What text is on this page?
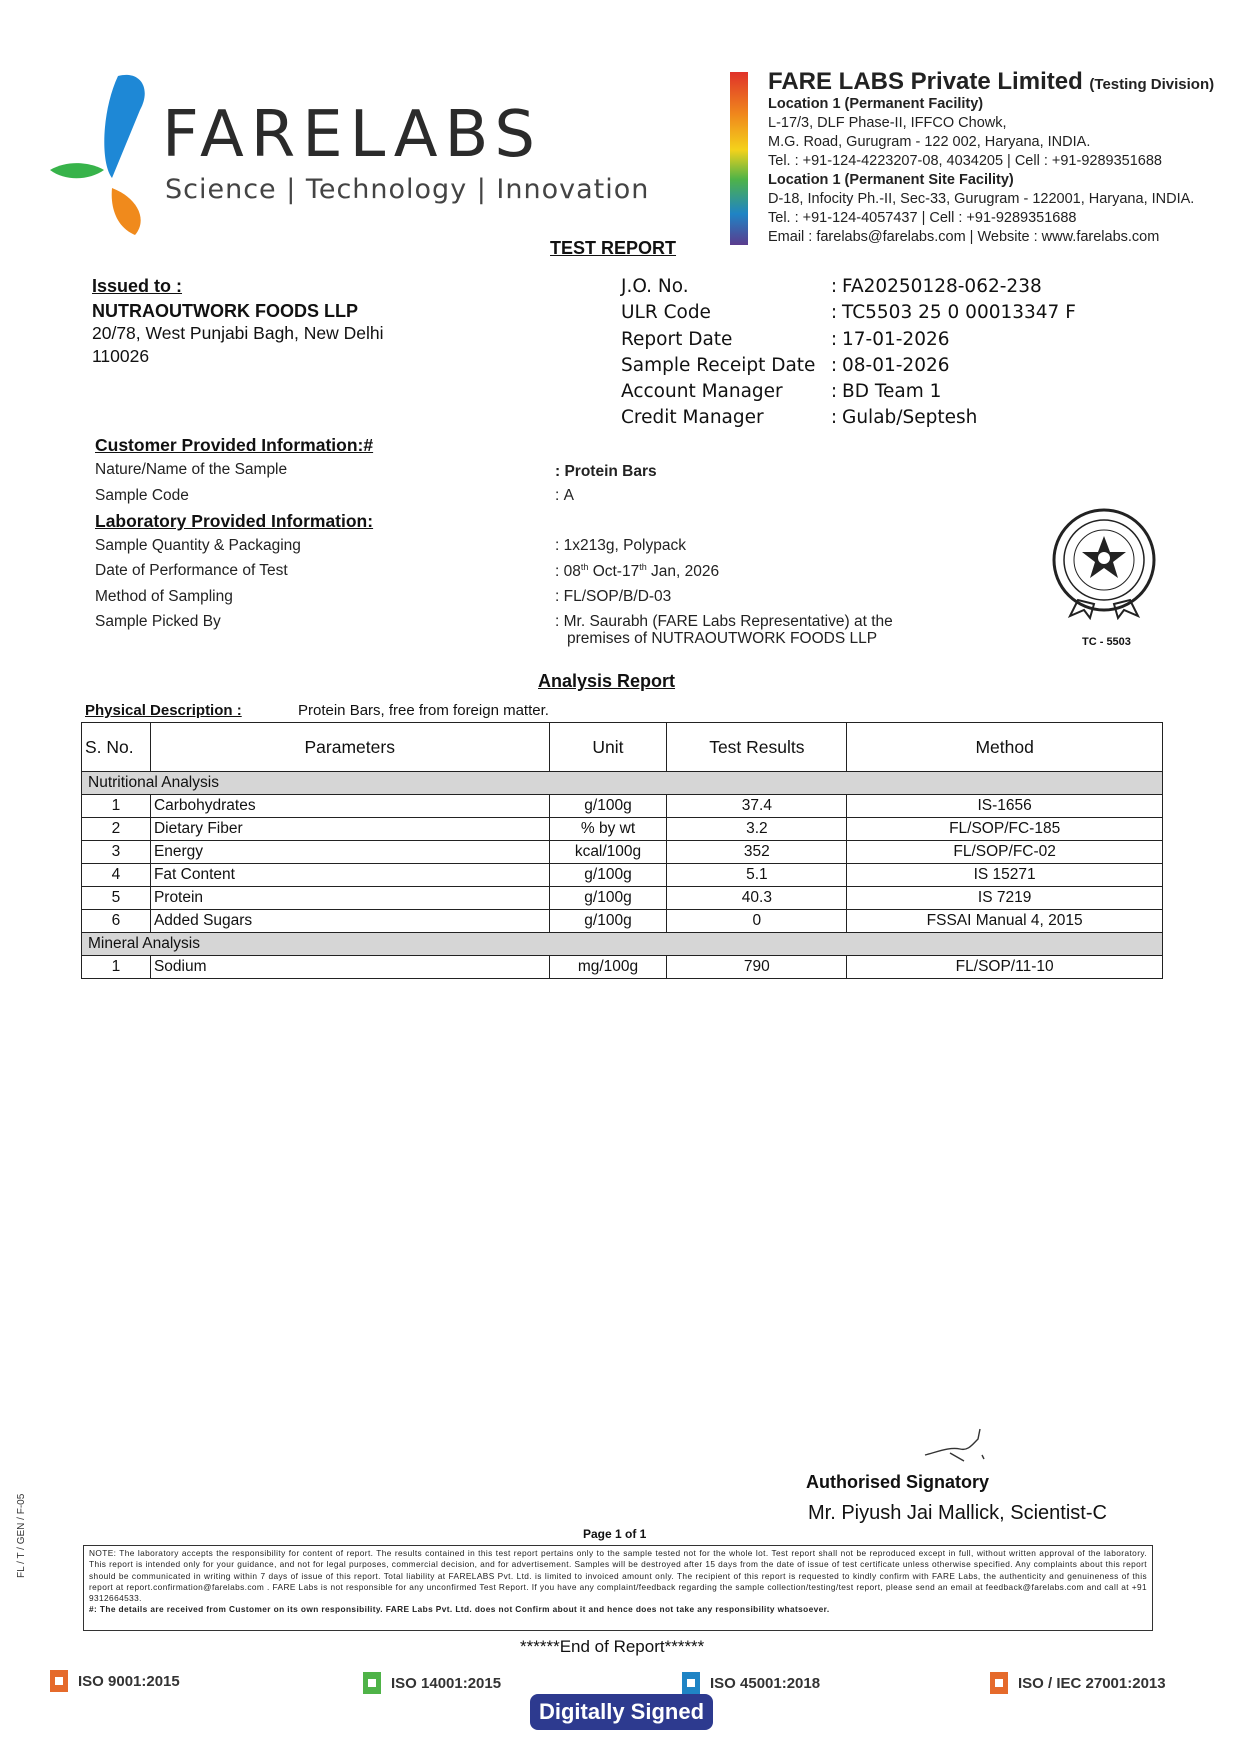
FARELABS
Science | Technology | Innovation
FARE LABS Private Limited (Testing Division)
Location 1 (Permanent Facility)
L-17/3, DLF Phase-II, IFFCO Chowk,
M.G. Road, Gurugram - 122 002, Haryana, INDIA.
Tel. : +91-124-4223207-08, 4034205 | Cell : +91-9289351688
Location 1 (Permanent Site Facility)
D-18, Infocity Ph.-II, Sec-33, Gurugram - 122001, Haryana, INDIA.
Tel. : +91-124-4057437 | Cell : +91-9289351688
Email : farelabs@farelabs.com | Website : www.farelabs.com
TEST REPORT
Issued to :
NUTRAOUTWORK FOODS LLP
20/78, West Punjabi Bagh, New Delhi 110026
J.O. No.	: FA20250128-062-238
ULR Code	: TC5503 25 0 00013347 F
Report Date	: 17-01-2026
Sample Receipt Date : 08-01-2026
Account Manager	: BD Team 1
Credit Manager	: Gulab/Septesh
Customer Provided Information:#
Nature/Name of the Sample	: Protein Bars
Sample Code	: A
Laboratory Provided Information:
Sample Quantity & Packaging	: 1x213g, Polypack
Date of Performance of Test	: 08th Oct-17th Jan, 2026
Method of Sampling	: FL/SOP/B/D-03
Sample Picked By	: Mr. Saurabh (FARE Labs Representative) at the
premises of NUTRAOUTWORK FOODS LLP	TC - 5503
Analysis Report
Physical Description :	Protein Bars, free from foreign matter.
S. No.	Parameters	Unit	Test Results	Method
Nutritional Analysis				
1	Carbohydrates	g/100g	37.4	IS-1656
2	Dietary Fiber	% by wt	3.2	FL/SOP/FC-185
3	Energy	kcal/100g	352	FL/SOP/FC-02
4	Fat Content	g/100g	5.1	IS 15271
5	Protein	g/100g	40.3	IS 7219
6	Added Sugars	g/100g	0	FSSAI Manual 4, 2015
Mineral Analysis				
1	Sodium	mg/100g	790	FL/SOP/11-10
Authorised Signatory
Mr. Piyush Jai Mallick, Scientist-C
Page 1 of 1
NOTE: The laboratory accepts the responsibility for content of report. The results contained in this test report pertains only to the sample tested not for the whole lot. Test report shall not be reproduced except in full, without written approval of the laboratory. This report is intended only for your guidance, and not for legal purposes, commercial decision, and for advertisement. Samples will be destroyed after 15 days from the date of issue of test certificate unless otherwise specified. Any complaints about this report should be communicated in writing within 7 days of issue of this report. Total liability at FARELABS Pvt. Ltd. is limited to invoiced amount only. The recipient of this report is requested to kindly confirm with FARE Labs, the authenticity and genuineness of this report at report.confirmation@farelabs.com . FARE Labs is not responsible for any unconfirmed Test Report. If you have any complaint/feedback regarding the sample collection/testing/test report, please send an email at feedback@farelabs.com and call at +91 9312664533.
#: The details are received from Customer on its own responsibility. FARE Labs Pvt. Ltd. does not Confirm about it and hence does not take any responsibility whatsoever.
******End of Report******
FL / T / GEN / F-05
ISO 9001:2015	ISO 14001:2015	ISO 45001:2018	ISO / IEC 27001:2013
Digitally Signed
